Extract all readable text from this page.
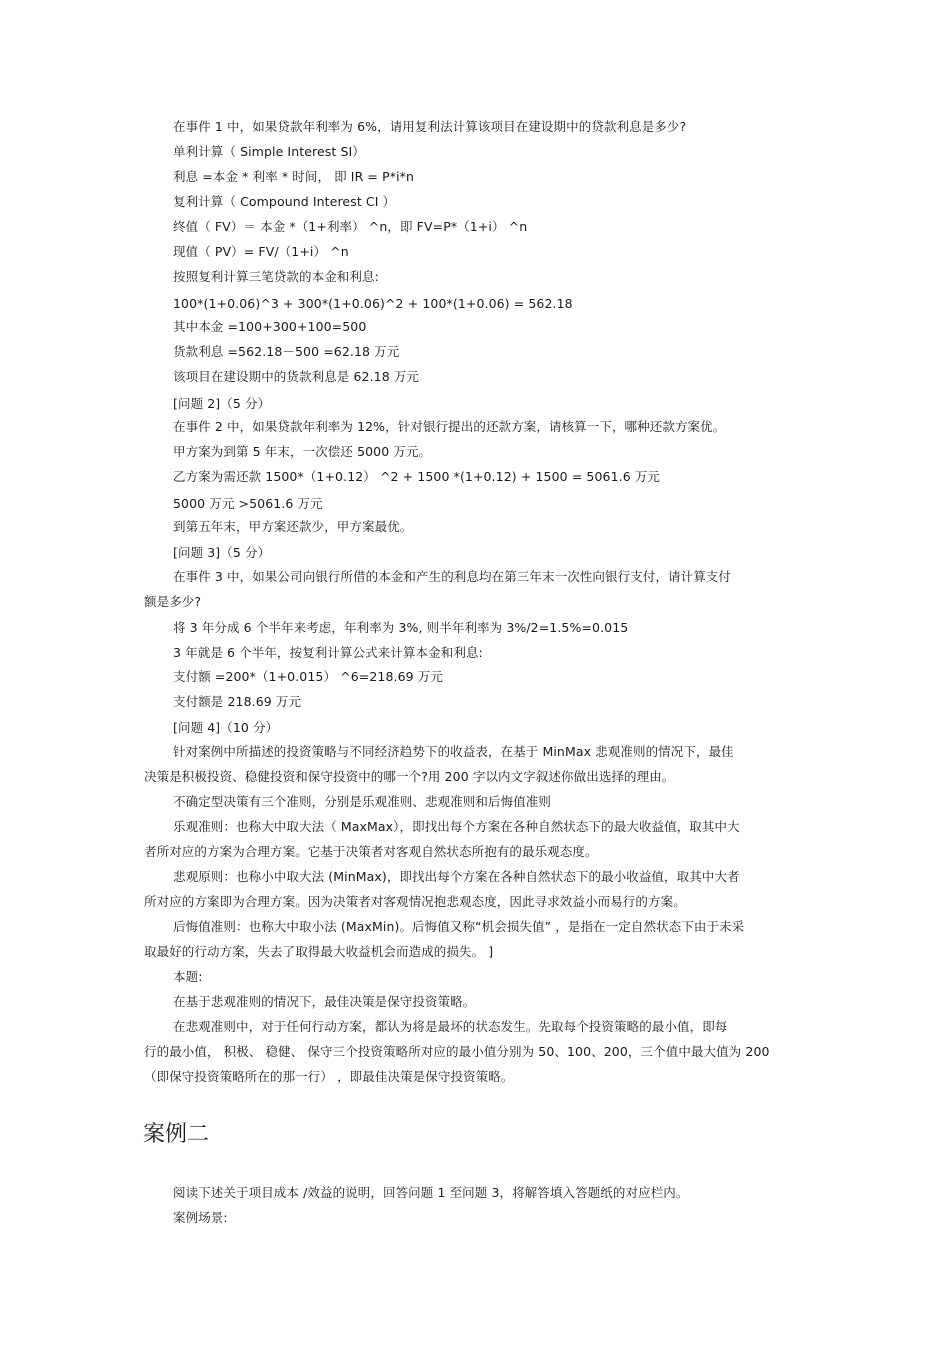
在事件 1 中，如果贷款年利率为 6%，请用复利法计算该项目在建设期中的贷款利息是多少?
单利计算（ Simple Interest SI）
利息 =本金 * 利率 * 时间， 即 IR = P*i*n
复利计算（ Compound Interest CI ）
终值（ FV）＝ 本金 *（1+利率） ^n，即 FV=P*（1+i） ^n
现值（ PV）= FV/（1+i） ^n
按照复利计算三笔贷款的本金和利息:
100*(1+0.06)^3 + 300*(1+0.06)^2 + 100*(1+0.06) = 562.18
其中本金 =100+300+100=500
货款利息 =562.18－500 =62.18 万元
该项目在建设期中的货款利息是 62.18 万元
[问题 2]（5 分）
在事件 2 中，如果贷款年利率为 12%，针对银行提出的还款方案，请核算一下，哪种还款方案优。
甲方案为到第 5 年末，一次偿还 5000 万元。
乙方案为需还款 1500*（1+0.12） ^2 + 1500 *(1+0.12) + 1500 = 5061.6 万元
5000 万元 >5061.6 万元
到第五年末，甲方案还款少，甲方案最优。
[问题 3]（5 分）
在事件 3 中，如果公司向银行所借的本金和产生的利息均在第三年末一次性向银行支付，请计算支付
额是多少?
将 3 年分成 6 个半年来考虑，年利率为 3%, 则半年利率为 3%/2=1.5%=0.015
3 年就是 6 个半年，按复利计算公式来计算本金和利息:
支付额 =200*（1+0.015） ^6=218.69 万元
支付额是 218.69 万元
[问题 4]（10 分）
针对案例中所描述的投资策略与不同经济趋势下的收益表，在基于 MinMax 悲观准则的情况下，最佳
决策是积极投资、稳健投资和保守投资中的哪一个?用 200 字以内文字叙述你做出选择的理由。
不确定型决策有三个准则，分别是乐观准则、悲观准则和后悔值准则
乐观准则：也称大中取大法（ MaxMax），即找出每个方案在各种自然状态下的最大收益值，取其中大
者所对应的方案为合理方案。它基于决策者对客观自然状态所抱有的最乐观态度。
悲观原则：也称小中取大法 (MinMax)，即找出每个方案在各种自然状态下的最小收益值，取其中大者
所对应的方案即为合理方案。因为决策者对客观情况抱悲观态度，因此寻求效益小而易行的方案。
后悔值准则：也称大中取小法 (MaxMin)。后悔值又称“机会损失值” ，是指在一定自然状态下由于未采
取最好的行动方案，失去了取得最大收益机会而造成的损失。 ]
本题:
在基于悲观准则的情况下，最佳决策是保守投资策略。
在悲观准则中，对于任何行动方案，都认为将是最坏的状态发生。先取每个投资策略的最小值，即每
行的最小值， 积极、 稳健、 保守三个投资策略所对应的最小值分别为 50、100、200，三个值中最大值为 200
（即保守投资策略所在的那一行） ，即最佳决策是保守投资策略。
案例二
阅读下述关于项目成本 /效益的说明，回答问题 1 至问题 3，将解答填入答题纸的对应栏内。
案例场景:
